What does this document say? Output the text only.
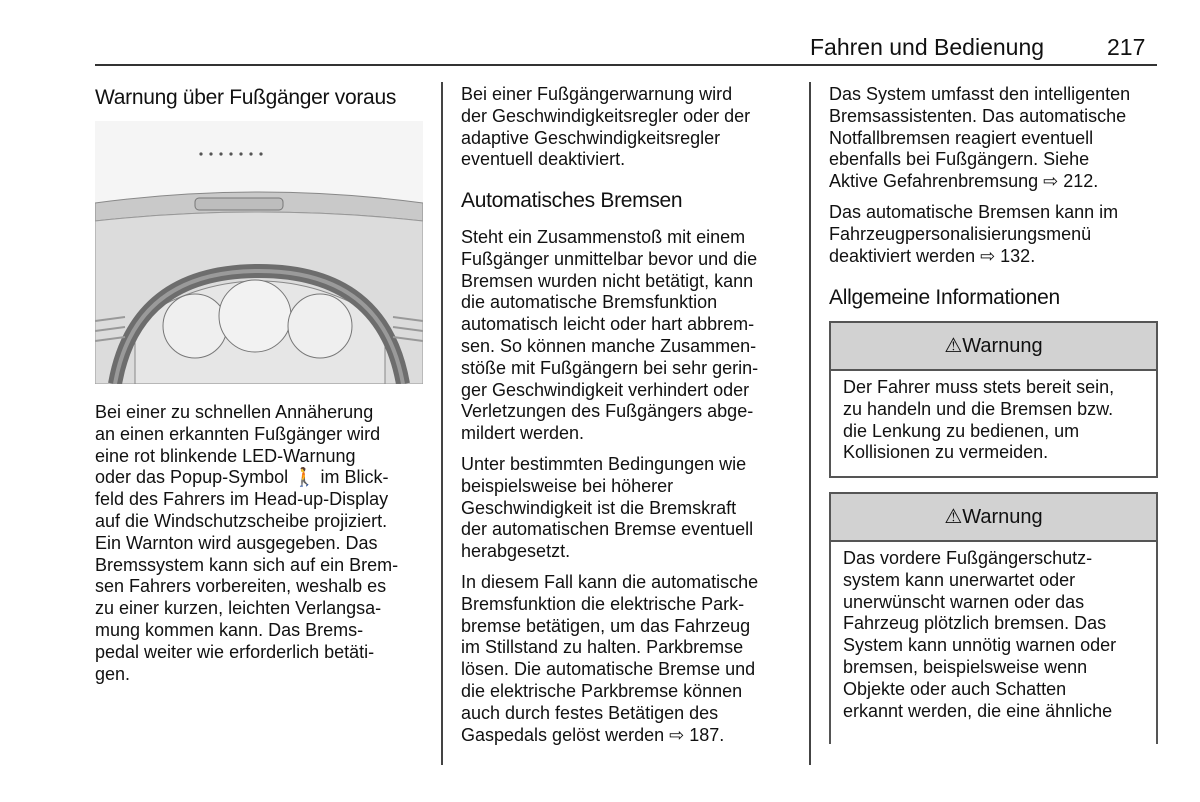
Fahren und Bedienung	217
Warnung über Fußgänger voraus

Bei einer zu schnellen Annäherung

an einen erkannten Fußgänger wird

eine rot blinkende LED-Warnung

oder das Popup-Symbol 🚶 im Blick-

feld des Fahrers im Head-up-Display

auf die Windschutzscheibe projiziert.

Ein Warnton wird ausgegeben. Das

Bremssystem kann sich auf ein Brem-

sen Fahrers vorbereiten, weshalb es

zu einer kurzen, leichten Verlangsa-

mung kommen kann. Das Brems-

pedal weiter wie erforderlich betäti-

gen.

Bei einer Fußgängerwarnung wird

der Geschwindigkeitsregler oder der

adaptive Geschwindigkeitsregler

eventuell deaktiviert.

Automatisches Bremsen

Steht ein Zusammenstoß mit einem

Fußgänger unmittelbar bevor und die

Bremsen wurden nicht betätigt, kann

die automatische Bremsfunktion

automatisch leicht oder hart abbrem-

sen. So können manche Zusammen-

stöße mit Fußgängern bei sehr gerin-

ger Geschwindigkeit verhindert oder

Verletzungen des Fußgängers abge-

mildert werden.

Unter bestimmten Bedingungen wie

beispielsweise bei höherer

Geschwindigkeit ist die Bremskraft

der automatischen Bremse eventuell

herabgesetzt.

In diesem Fall kann die automatische

Bremsfunktion die elektrische Park-

bremse betätigen, um das Fahrzeug

im Stillstand zu halten. Parkbremse

lösen. Die automatische Bremse und

die elektrische Parkbremse können

auch durch festes Betätigen des

Gaspedals gelöst werden ⇨ 187.

Das System umfasst den intelligenten

Bremsassistenten. Das automatische

Notfallbremsen reagiert eventuell

ebenfalls bei Fußgängern. Siehe

Aktive Gefahrenbremsung ⇨ 212.

Das automatische Bremsen kann im

Fahrzeugpersonalisierungsmenü

deaktiviert werden ⇨ 132.

Allgemeine Informationen
⚠Warnung

Der Fahrer muss stets bereit sein,

zu handeln und die Bremsen bzw.

die Lenkung zu bedienen, um

Kollisionen zu vermeiden.

⚠Warnung

Das vordere Fußgängerschutz-

system kann unerwartet oder

unerwünscht warnen oder das

Fahrzeug plötzlich bremsen. Das

System kann unnötig warnen oder

bremsen, beispielsweise wenn

Objekte oder auch Schatten

erkannt werden, die eine ähnliche
